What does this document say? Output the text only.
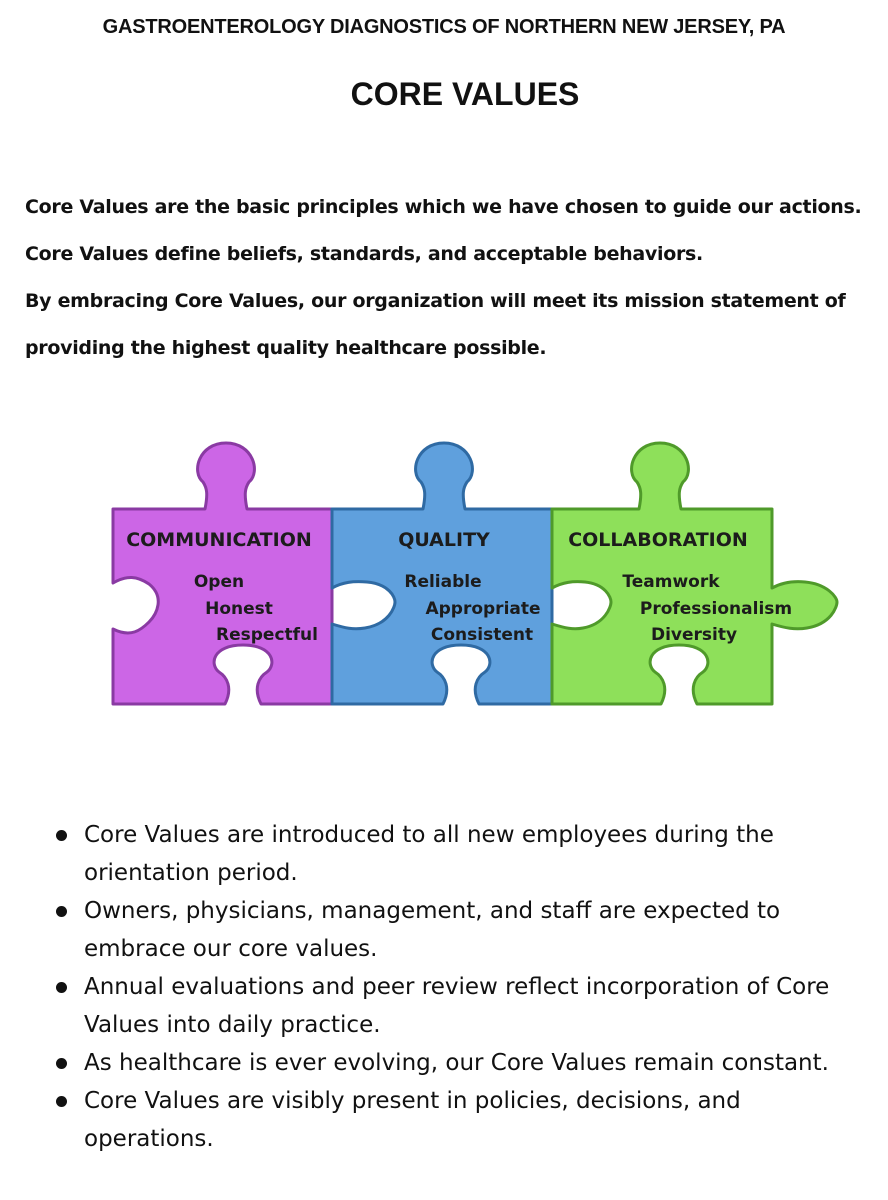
GASTROENTEROLOGY DIAGNOSTICS OF NORTHERN NEW JERSEY, PA
CORE VALUES
Core Values are the basic principles which we have chosen to guide our actions.
Core Values define beliefs, standards, and acceptable behaviors.
By embracing Core Values, our organization will meet its mission statement of
providing the highest quality healthcare possible.
COMMUNICATION
Open
Honest
Respectful
QUALITY
Reliable
Appropriate
Consistent
COLLABORATION
Teamwork
Professionalism
Diversity
Core Values are introduced to all new employees during the orientation period.
Owners, physicians, management, and staff are expected to embrace our core values.
Annual evaluations and peer review reflect incorporation of Core Values into daily practice.
As healthcare is ever evolving, our Core Values remain constant.
Core Values are visibly present in policies, decisions, and operations.
